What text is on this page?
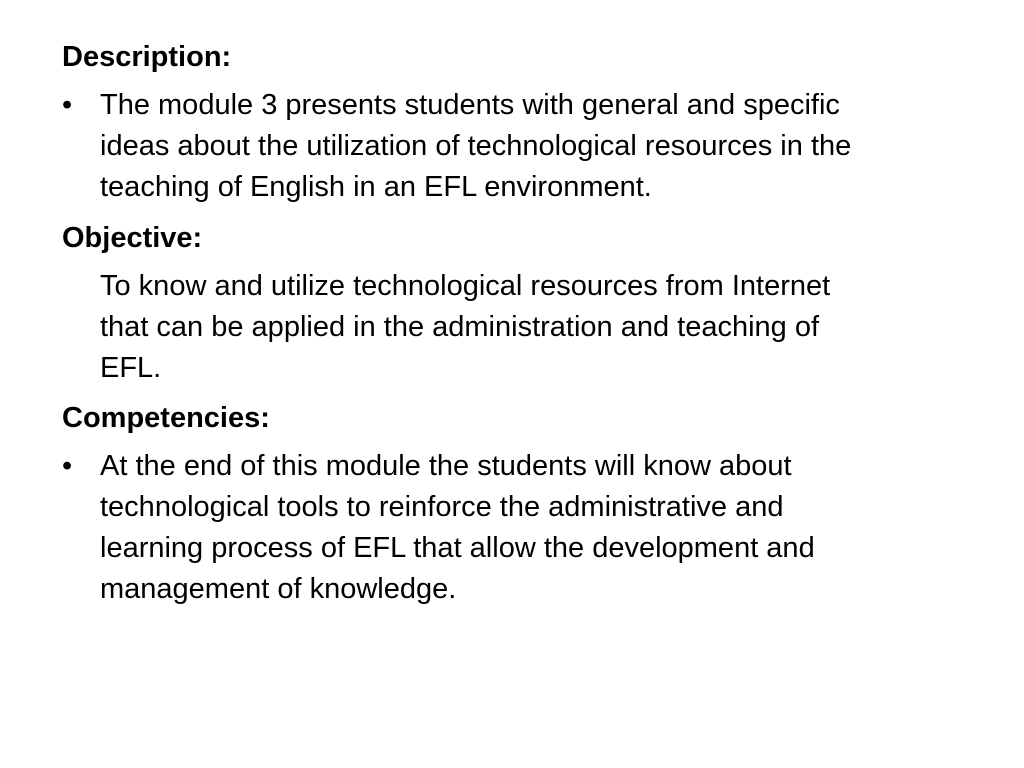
Description:
• The module 3 presents students with general and specific
ideas about the utilization of technological resources in the
teaching of English in an EFL environment.

Objective:

To know and utilize technological resources from Internet
that can be applied in the administration and teaching of
EFL.

Competencies:
• At the end of this module the students will know about
technological tools to reinforce the administrative and
learning process of EFL that allow the development and
management of knowledge.
